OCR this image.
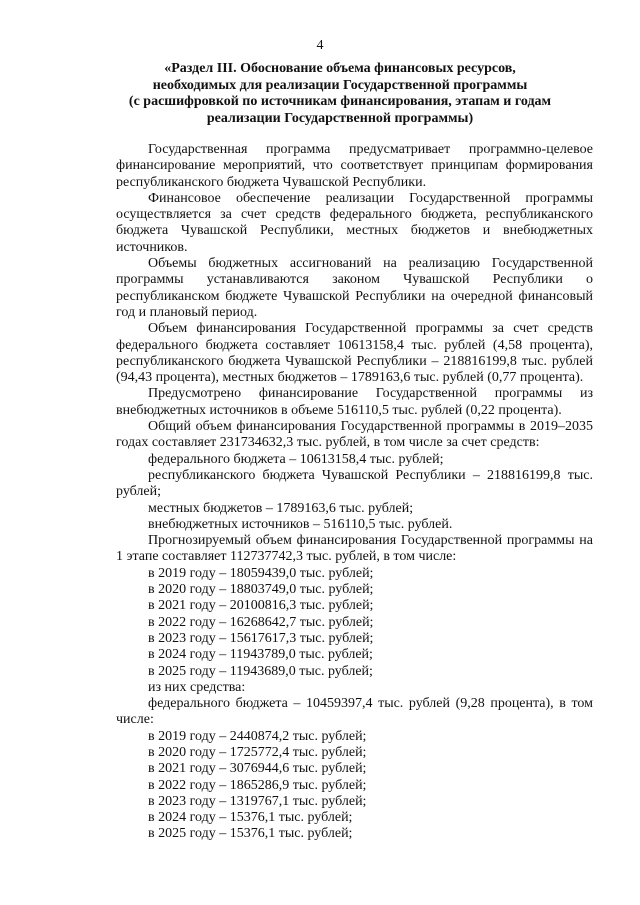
4
«Раздел III. Обоснование объема финансовых ресурсов,
необходимых для реализации Государственной программы
(с расшифровкой по источникам финансирования, этапам и годам
реализации Государственной программы)
Государственная программа предусматривает программно-целевое финансирование мероприятий, что соответствует принципам формирования республиканского бюджета Чувашской Республики.
Финансовое обеспечение реализации Государственной программы осуществляется за счет средств федерального бюджета, республиканского бюджета Чувашской Республики, местных бюджетов и внебюджетных источников.
Объемы бюджетных ассигнований на реализацию Государственной программы устанавливаются законом Чувашской Республики о республиканском бюджете Чувашской Республики на очередной финансовый год и плановый период.
Объем финансирования Государственной программы за счет средств федерального бюджета составляет 10613158,4 тыс. рублей (4,58 процента), республиканского бюджета Чувашской Республики – 218816199,8 тыс. рублей (94,43 процента), местных бюджетов – 1789163,6 тыс. рублей (0,77 процента).
Предусмотрено финансирование Государственной программы из внебюджетных источников в объеме 516110,5 тыс. рублей (0,22 процента).
Общий объем финансирования Государственной программы в 2019–2035 годах составляет 231734632,3 тыс. рублей, в том числе за счет средств:
федерального бюджета – 10613158,4 тыс. рублей;
республиканского бюджета Чувашской Республики – 218816199,8 тыс. рублей;
местных бюджетов – 1789163,6 тыс. рублей;
внебюджетных источников – 516110,5 тыс. рублей.
Прогнозируемый объем финансирования Государственной программы на 1 этапе составляет 112737742,3 тыс. рублей, в том числе:
в 2019 году – 18059439,0 тыс. рублей;
в 2020 году – 18803749,0 тыс. рублей;
в 2021 году – 20100816,3 тыс. рублей;
в 2022 году – 16268642,7 тыс. рублей;
в 2023 году – 15617617,3 тыс. рублей;
в 2024 году – 11943789,0 тыс. рублей;
в 2025 году – 11943689,0 тыс. рублей;
из них средства:
федерального бюджета – 10459397,4 тыс. рублей (9,28 процента), в том числе:
в 2019 году – 2440874,2 тыс. рублей;
в 2020 году – 1725772,4 тыс. рублей;
в 2021 году – 3076944,6 тыс. рублей;
в 2022 году – 1865286,9 тыс. рублей;
в 2023 году – 1319767,1 тыс. рублей;
в 2024 году – 15376,1 тыс. рублей;
в 2025 году – 15376,1 тыс. рублей;
